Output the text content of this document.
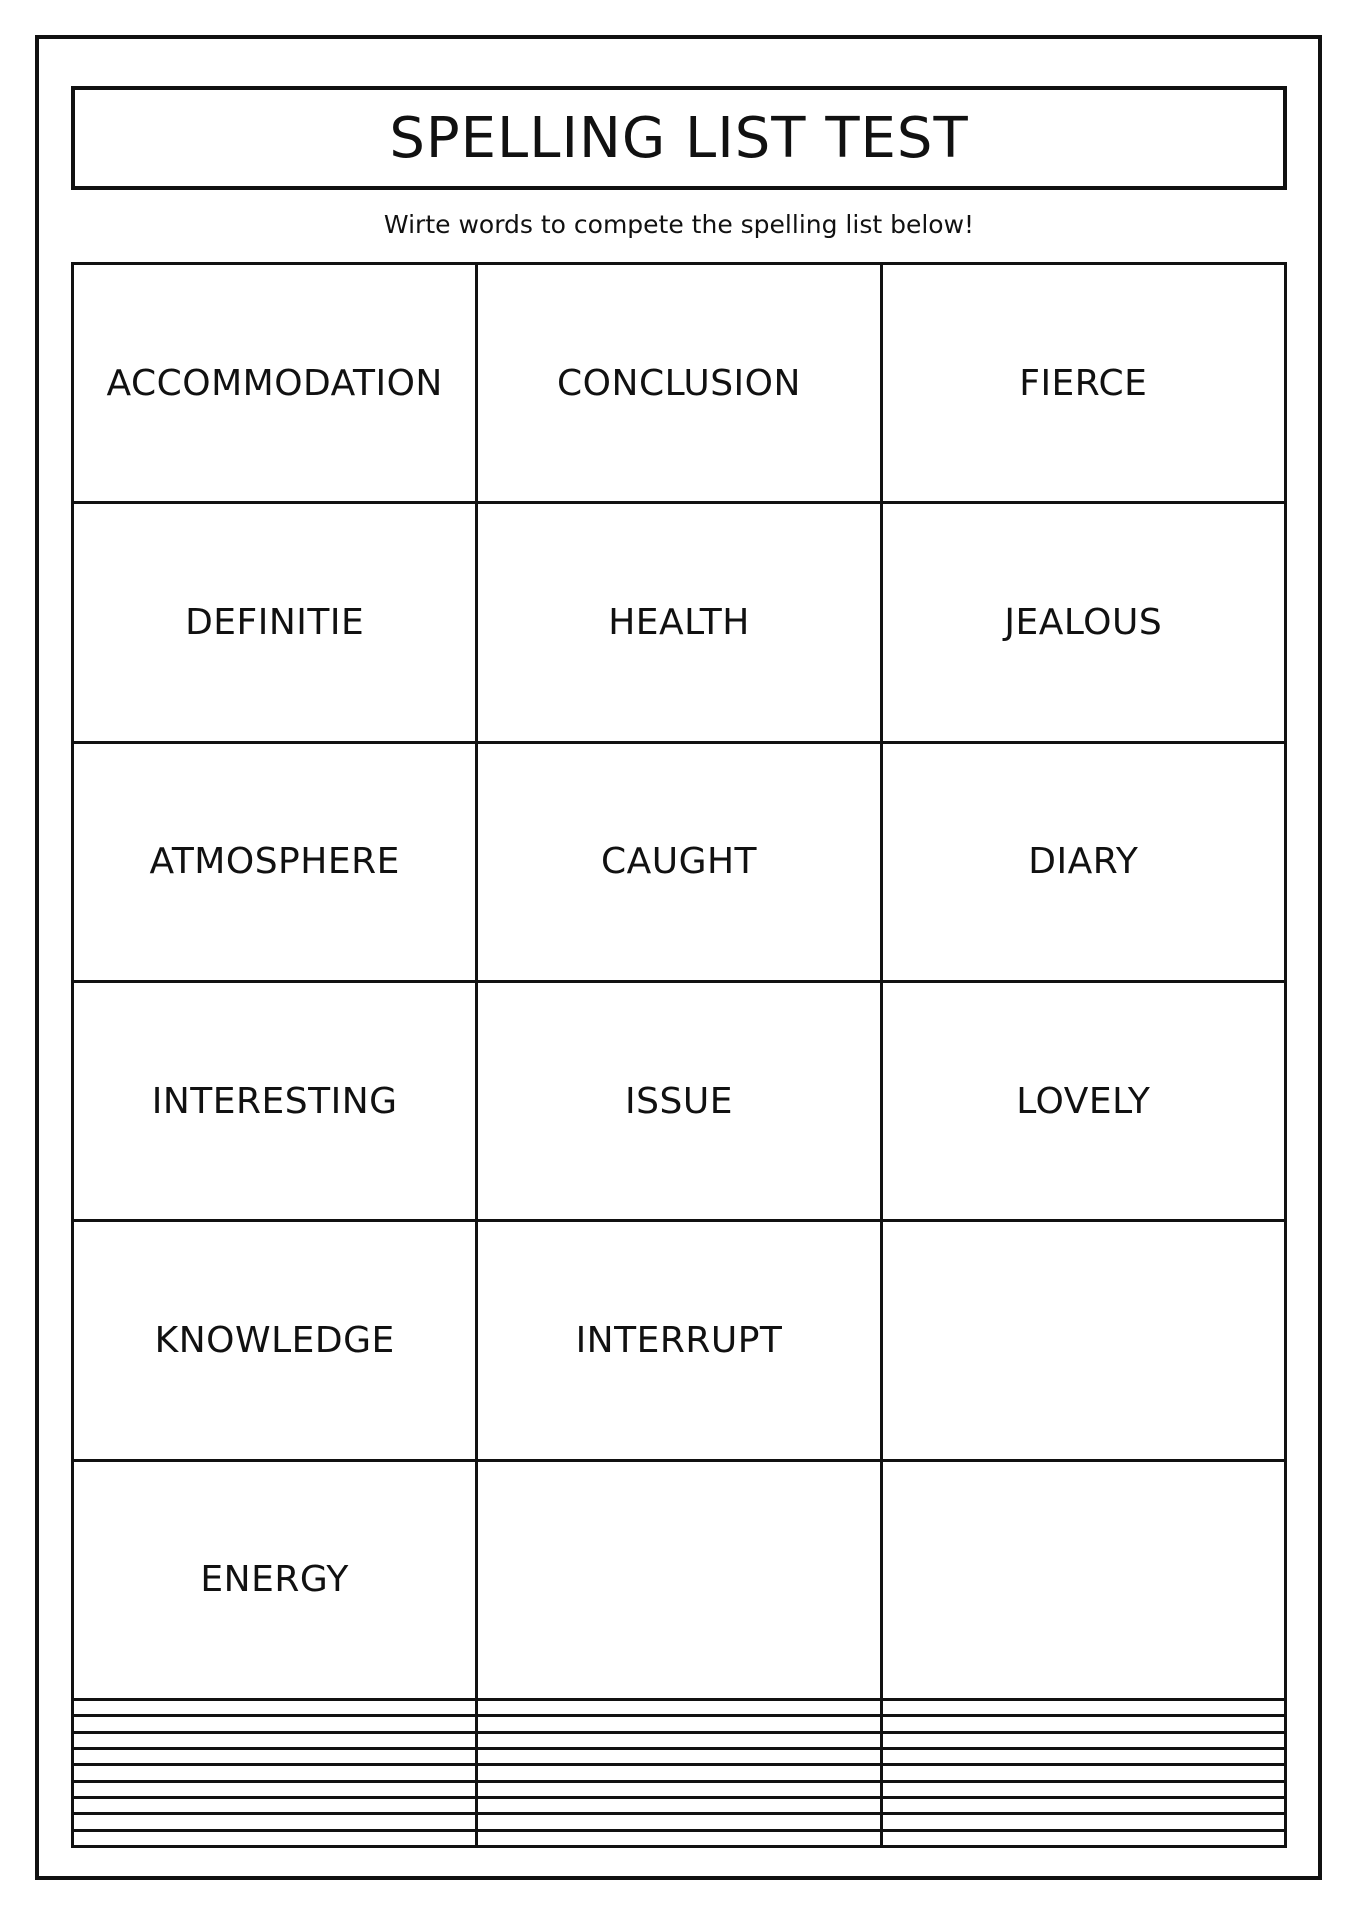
SPELLING LIST TEST
Wirte words to compete the spelling list below!
ACCOMMODATION	CONCLUSION	FIERCE
DEFINITIE	HEALTH	JEALOUS
ATMOSPHERE	CAUGHT	DIARY
INTERESTING	ISSUE	LOVELY
KNOWLEDGE	INTERRUPT	
ENERGY		
